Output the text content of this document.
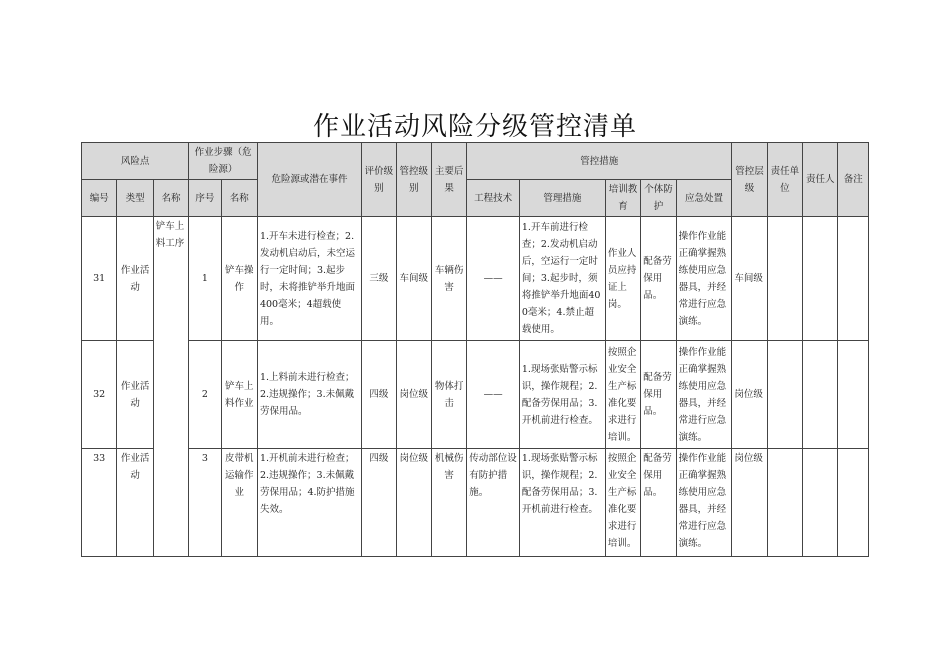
作业活动风险分级管控清单
风险点			作业步骤（危险源）		危险源或潜在事件	评价级别	管控级别	主要后果	管控措施					管控层级	责任单位	责任人	备注
编号	类型	名称	序号	名称					工程技术	管理措施	培训教育	个体防护	应急处置				
31	作业活动	铲车上料工序	1	铲车操作	1.开车未进行检查；2.发动机启动后，未空运行一定时间；3.起步时，未将推铲举升地面400毫米；4超载使用。	三级	车间级	车辆伤害	——	1.开车前进行检查；2.发动机启动后，空运行一定时间；3.起步时，须将推铲举升地面400毫米；4.禁止超载使用。	作业人员应持证上岗。	配备劳保用品。	操作作业能正确掌握熟练使用应急器具，并经常进行应急演练。	车间级			
32	作业活动		2	铲车上料作业	1.上料前未进行检查；2.违规操作；3.未佩戴劳保用品。	四级	岗位级	物体打击	——	1.现场张贴警示标识，操作规程；2.配备劳保用品；3.开机前进行检查。	按照企业安全生产标准化要求进行培训。	配备劳保用品。	操作作业能正确掌握熟练使用应急器具，并经常进行应急演练。	岗位级			
33	作业活动		3	皮带机运输作业	1.开机前未进行检查；2.违规操作；3.未佩戴劳保用品；4.防护措施失效。	四级	岗位级	机械伤害	传动部位设有防护措施。	1.现场张贴警示标识，操作规程；2.配备劳保用品；3.开机前进行检查。	按照企业安全生产标准化要求进行培训。	配备劳保用品。	操作作业能正确掌握熟练使用应急器具，并经常进行应急演练。	岗位级			
